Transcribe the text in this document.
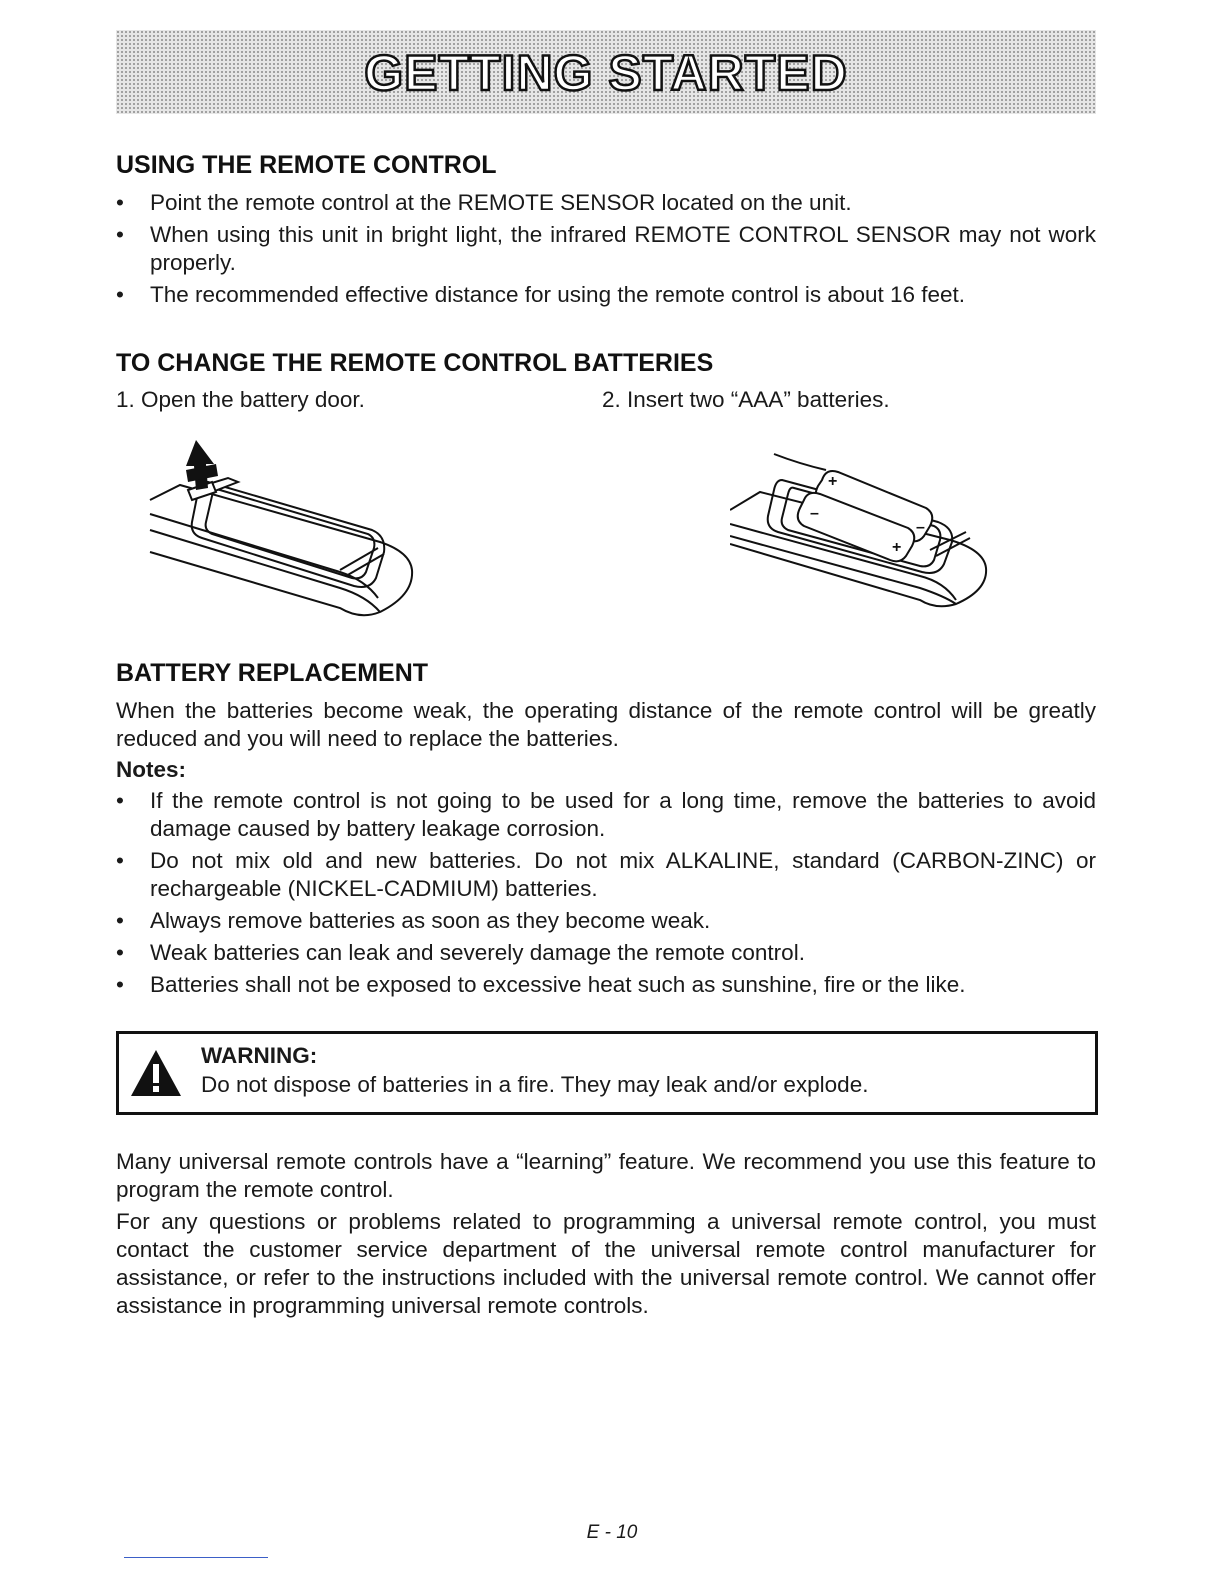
GETTING STARTED
USING THE REMOTE CONTROL
• Point the remote control at the REMOTE SENSOR located on the unit.
• When using this unit in bright light, the infrared REMOTE CONTROL SENSOR may not work properly.
• The recommended effective distance for using the remote control is about 16 feet.
TO CHANGE THE REMOTE CONTROL BATTERIES

1. Open the battery door.	2. Insert two “AAA” batteries.

+
–
–
+
BATTERY REPLACEMENT

When the batteries become weak, the operating distance of the remote control will be greatly reduced and you will need to replace the batteries.

Notes:

• If the remote control is not going to be used for a long time, remove the batteries to avoid damage caused by battery leakage corrosion.
• Do not mix old and new batteries. Do not mix ALKALINE, standard (CARBON-ZINC) or rechargeable (NICKEL-CADMIUM) batteries.
• Always remove batteries as soon as they become weak.
• Weak batteries can leak and severely damage the remote control.
• Batteries shall not be exposed to excessive heat such as sunshine, fire or the like.

WARNING:

Do not dispose of batteries in a fire. They may leak and/or explode.

Many universal remote controls have a “learning” feature. We recommend you use this feature to program the remote control.

For any questions or problems related to programming a universal remote control, you must contact the customer service department of the universal remote control manufacturer for assistance, or refer to the instructions included with the universal remote control. We cannot offer assistance in programming universal remote controls.

E - 10
